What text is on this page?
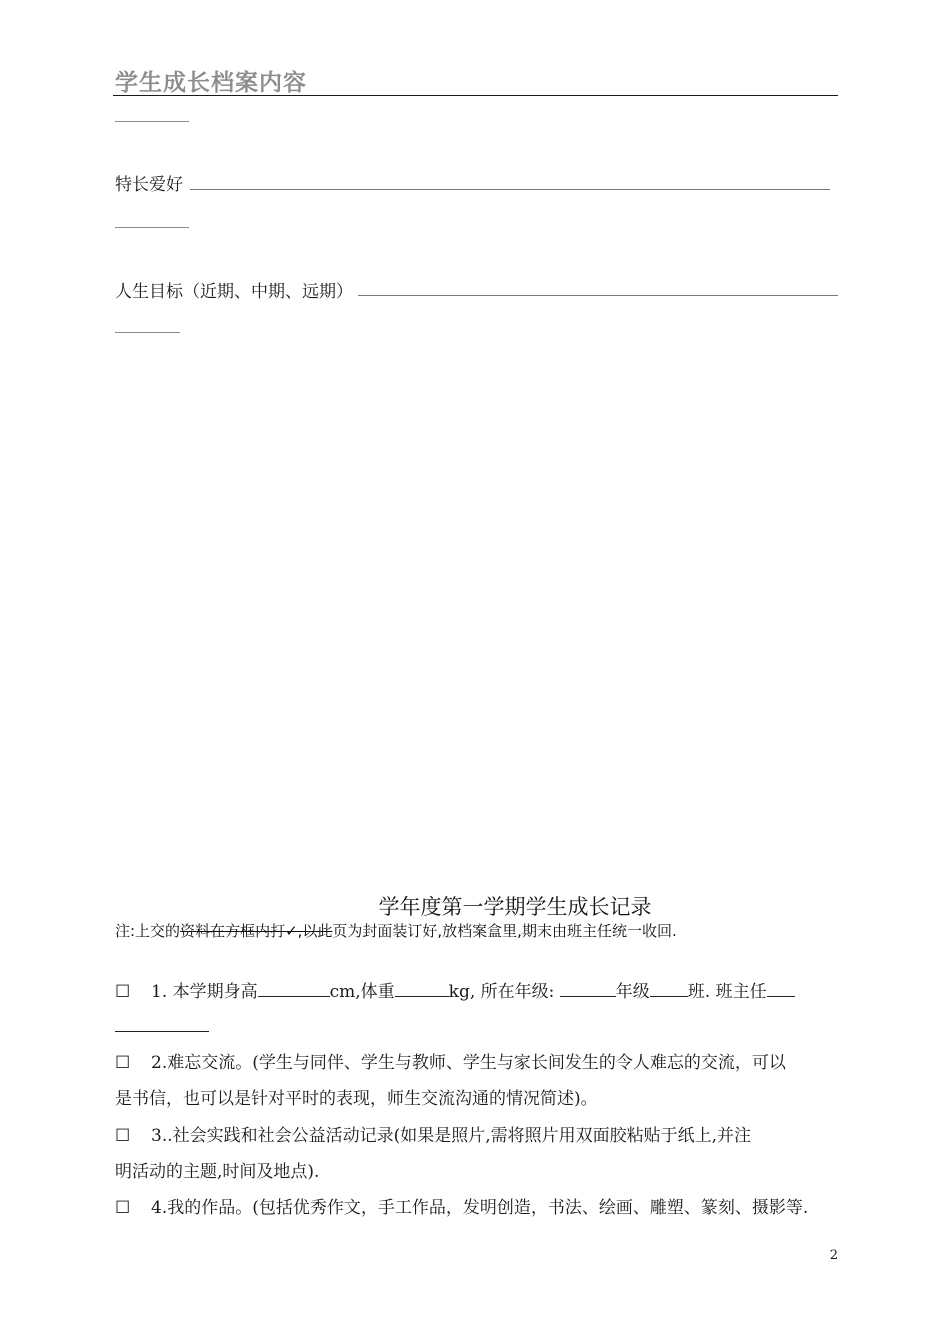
学生成长档案内容
特长爱好
人生目标（近期、中期、远期）
学年度第一学期学生成长记录
注:上交的资料在方框内打✓,以此页为封面装订好,放档案盒里,期末由班主任统一收回.
☐ 1. 本学期身高	cm,体重	kg, 所在年级:	年级 班. 班主任
☐ 2.难忘交流。(学生与同伴、学生与教师、学生与家长间发生的令人难忘的交流，可以
是书信，也可以是针对平时的表现，师生交流沟通的情况简述)。
☐ 3..社会实践和社会公益活动记录(如果是照片,需将照片用双面胶粘贴于纸上,并注
明活动的主题,时间及地点).
☐ 4.我的作品。(包括优秀作文，手工作品，发明创造，书法、绘画、雕塑、篆刻、摄影等.
2
